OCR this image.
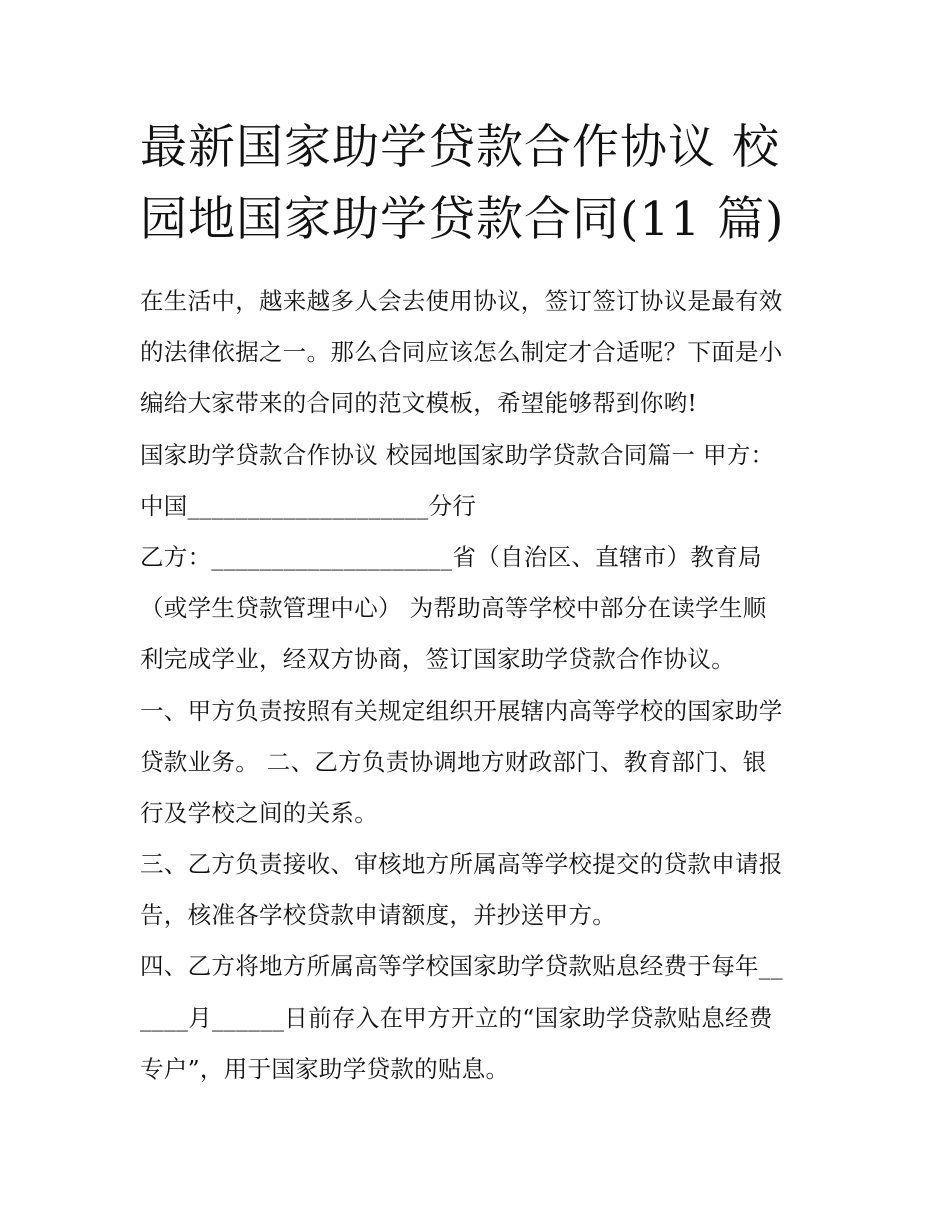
最新国家助学贷款合作协议 校
园地国家助学贷款合同(11 篇)
在生活中，越来越多人会去使用协议，签订签订协议是最有效
的法律依据之一。那么合同应该怎么制定才合适呢？下面是小
编给大家带来的合同的范文模板，希望能够帮到你哟!
国家助学贷款合作协议 校园地国家助学贷款合同篇一 甲方：
中国____________________分行
乙方：____________________省（自治区、直辖市）教育局
（或学生贷款管理中心） 为帮助高等学校中部分在读学生顺
利完成学业，经双方协商，签订国家助学贷款合作协议。
一、甲方负责按照有关规定组织开展辖内高等学校的国家助学
贷款业务。 二、乙方负责协调地方财政部门、教育部门、银
行及学校之间的关系。
三、乙方负责接收、审核地方所属高等学校提交的贷款申请报
告，核准各学校贷款申请额度，并抄送甲方。
四、乙方将地方所属高等学校国家助学贷款贴息经费于每年__
____月______日前存入在甲方开立的“国家助学贷款贴息经费
专户”，用于国家助学贷款的贴息。
